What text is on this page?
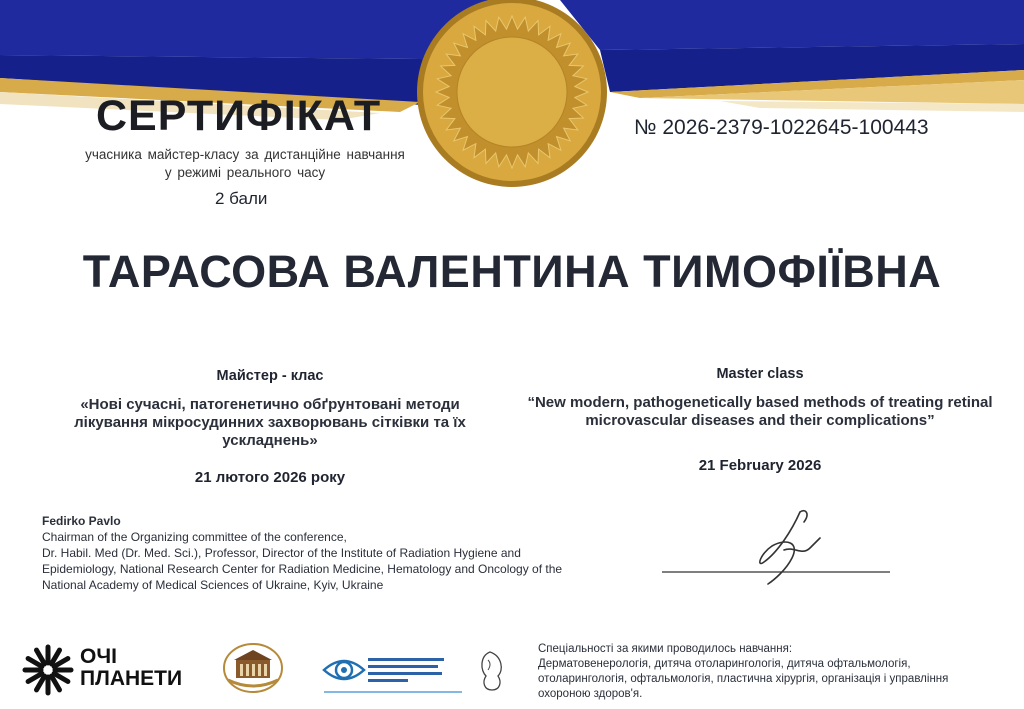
СЕРТИФІКАТ
учасника майстер-класу за дистанційне навчання
у режимі реального часу
2 бали
№ 2026-2379-1022645-100443
ТАРАСОВА ВАЛЕНТИНА ТИМОФІЇВНА
Майстер - клас
«Нові сучасні, патогенетично обґрунтовані методи лікування мікросудинних захворювань сітківки та їх ускладнень»
21 лютого 2026 року
Master class
“New modern, pathogenetically based methods of treating retinal microvascular diseases and their complications”
21 February 2026
Fedirko Pavlo
Chairman of the Organizing committee of the conference,
Dr. Habil. Med (Dr. Med. Sci.), Professor, Director of the Institute of Radiation Hygiene and
Epidemiology, National Research Center for Radiation Medicine, Hematology and Oncology of the
National Academy of Medical Sciences of Ukraine, Kyiv, Ukraine
ОЧІ
ПЛАНЕТИ
Спеціальності за якими проводилось навчання:
Дерматовенерологія, дитяча отоларингологія, дитяча офтальмологія,
отоларингологія, офтальмологія, пластична хірургія, організація і управління
охороною здоров'я.
